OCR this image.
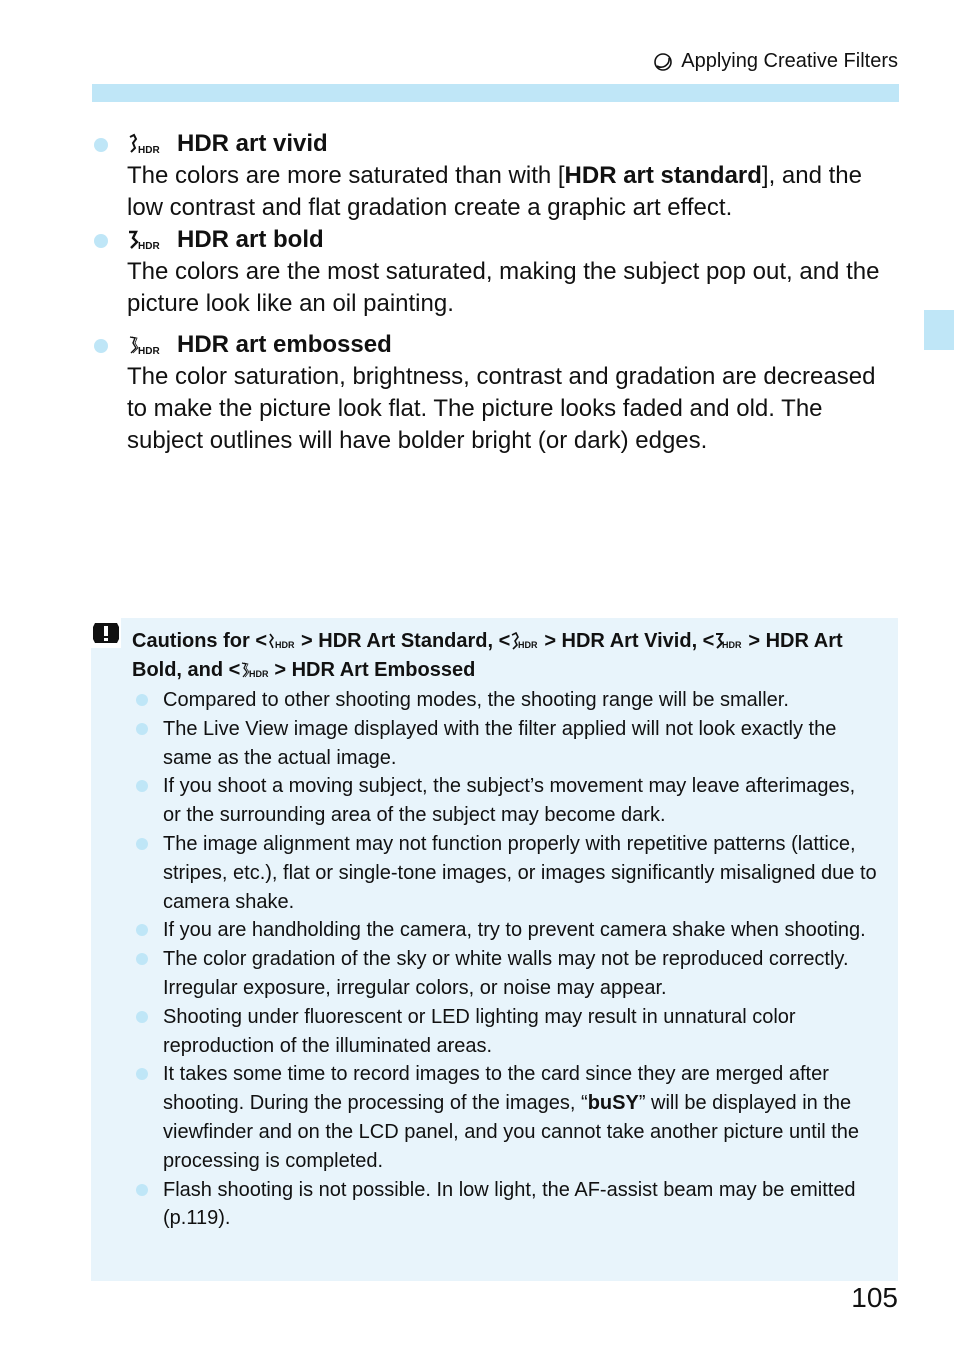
Applying Creative Filters
HDR HDR art vivid

The colors are more saturated than with [HDR art standard], and the low contrast and flat gradation create a graphic art effect.

HDR HDR art bold

The colors are the most saturated, making the subject pop out, and the picture look like an oil painting.

HDR HDR art embossed

The color saturation, brightness, contrast and gradation are decreased to make the picture look flat. The picture looks faded and old. The subject outlines will have bolder bright (or dark) edges.

Cautions for < HDR > HDR Art Standard, < HDR > HDR Art Vivid, < HDR > HDR Art Bold, and < HDR > HDR Art Embossed
Compared to other shooting modes, the shooting range will be smaller.
The Live View image displayed with the filter applied will not look exactly the same as the actual image.
If you shoot a moving subject, the subject’s movement may leave afterimages, or the surrounding area of the subject may become dark.
The image alignment may not function properly with repetitive patterns (lattice, stripes, etc.), flat or single-tone images, or images significantly misaligned due to camera shake.
If you are handholding the camera, try to prevent camera shake when shooting.
The color gradation of the sky or white walls may not be reproduced correctly. Irregular exposure, irregular colors, or noise may appear.
Shooting under fluorescent or LED lighting may result in unnatural color reproduction of the illuminated areas.
It takes some time to record images to the card since they are merged after shooting. During the processing of the images, “buSY” will be displayed in the viewfinder and on the LCD panel, and you cannot take another picture until the processing is completed.
Flash shooting is not possible. In low light, the AF-assist beam may be emitted (p.119).
105
